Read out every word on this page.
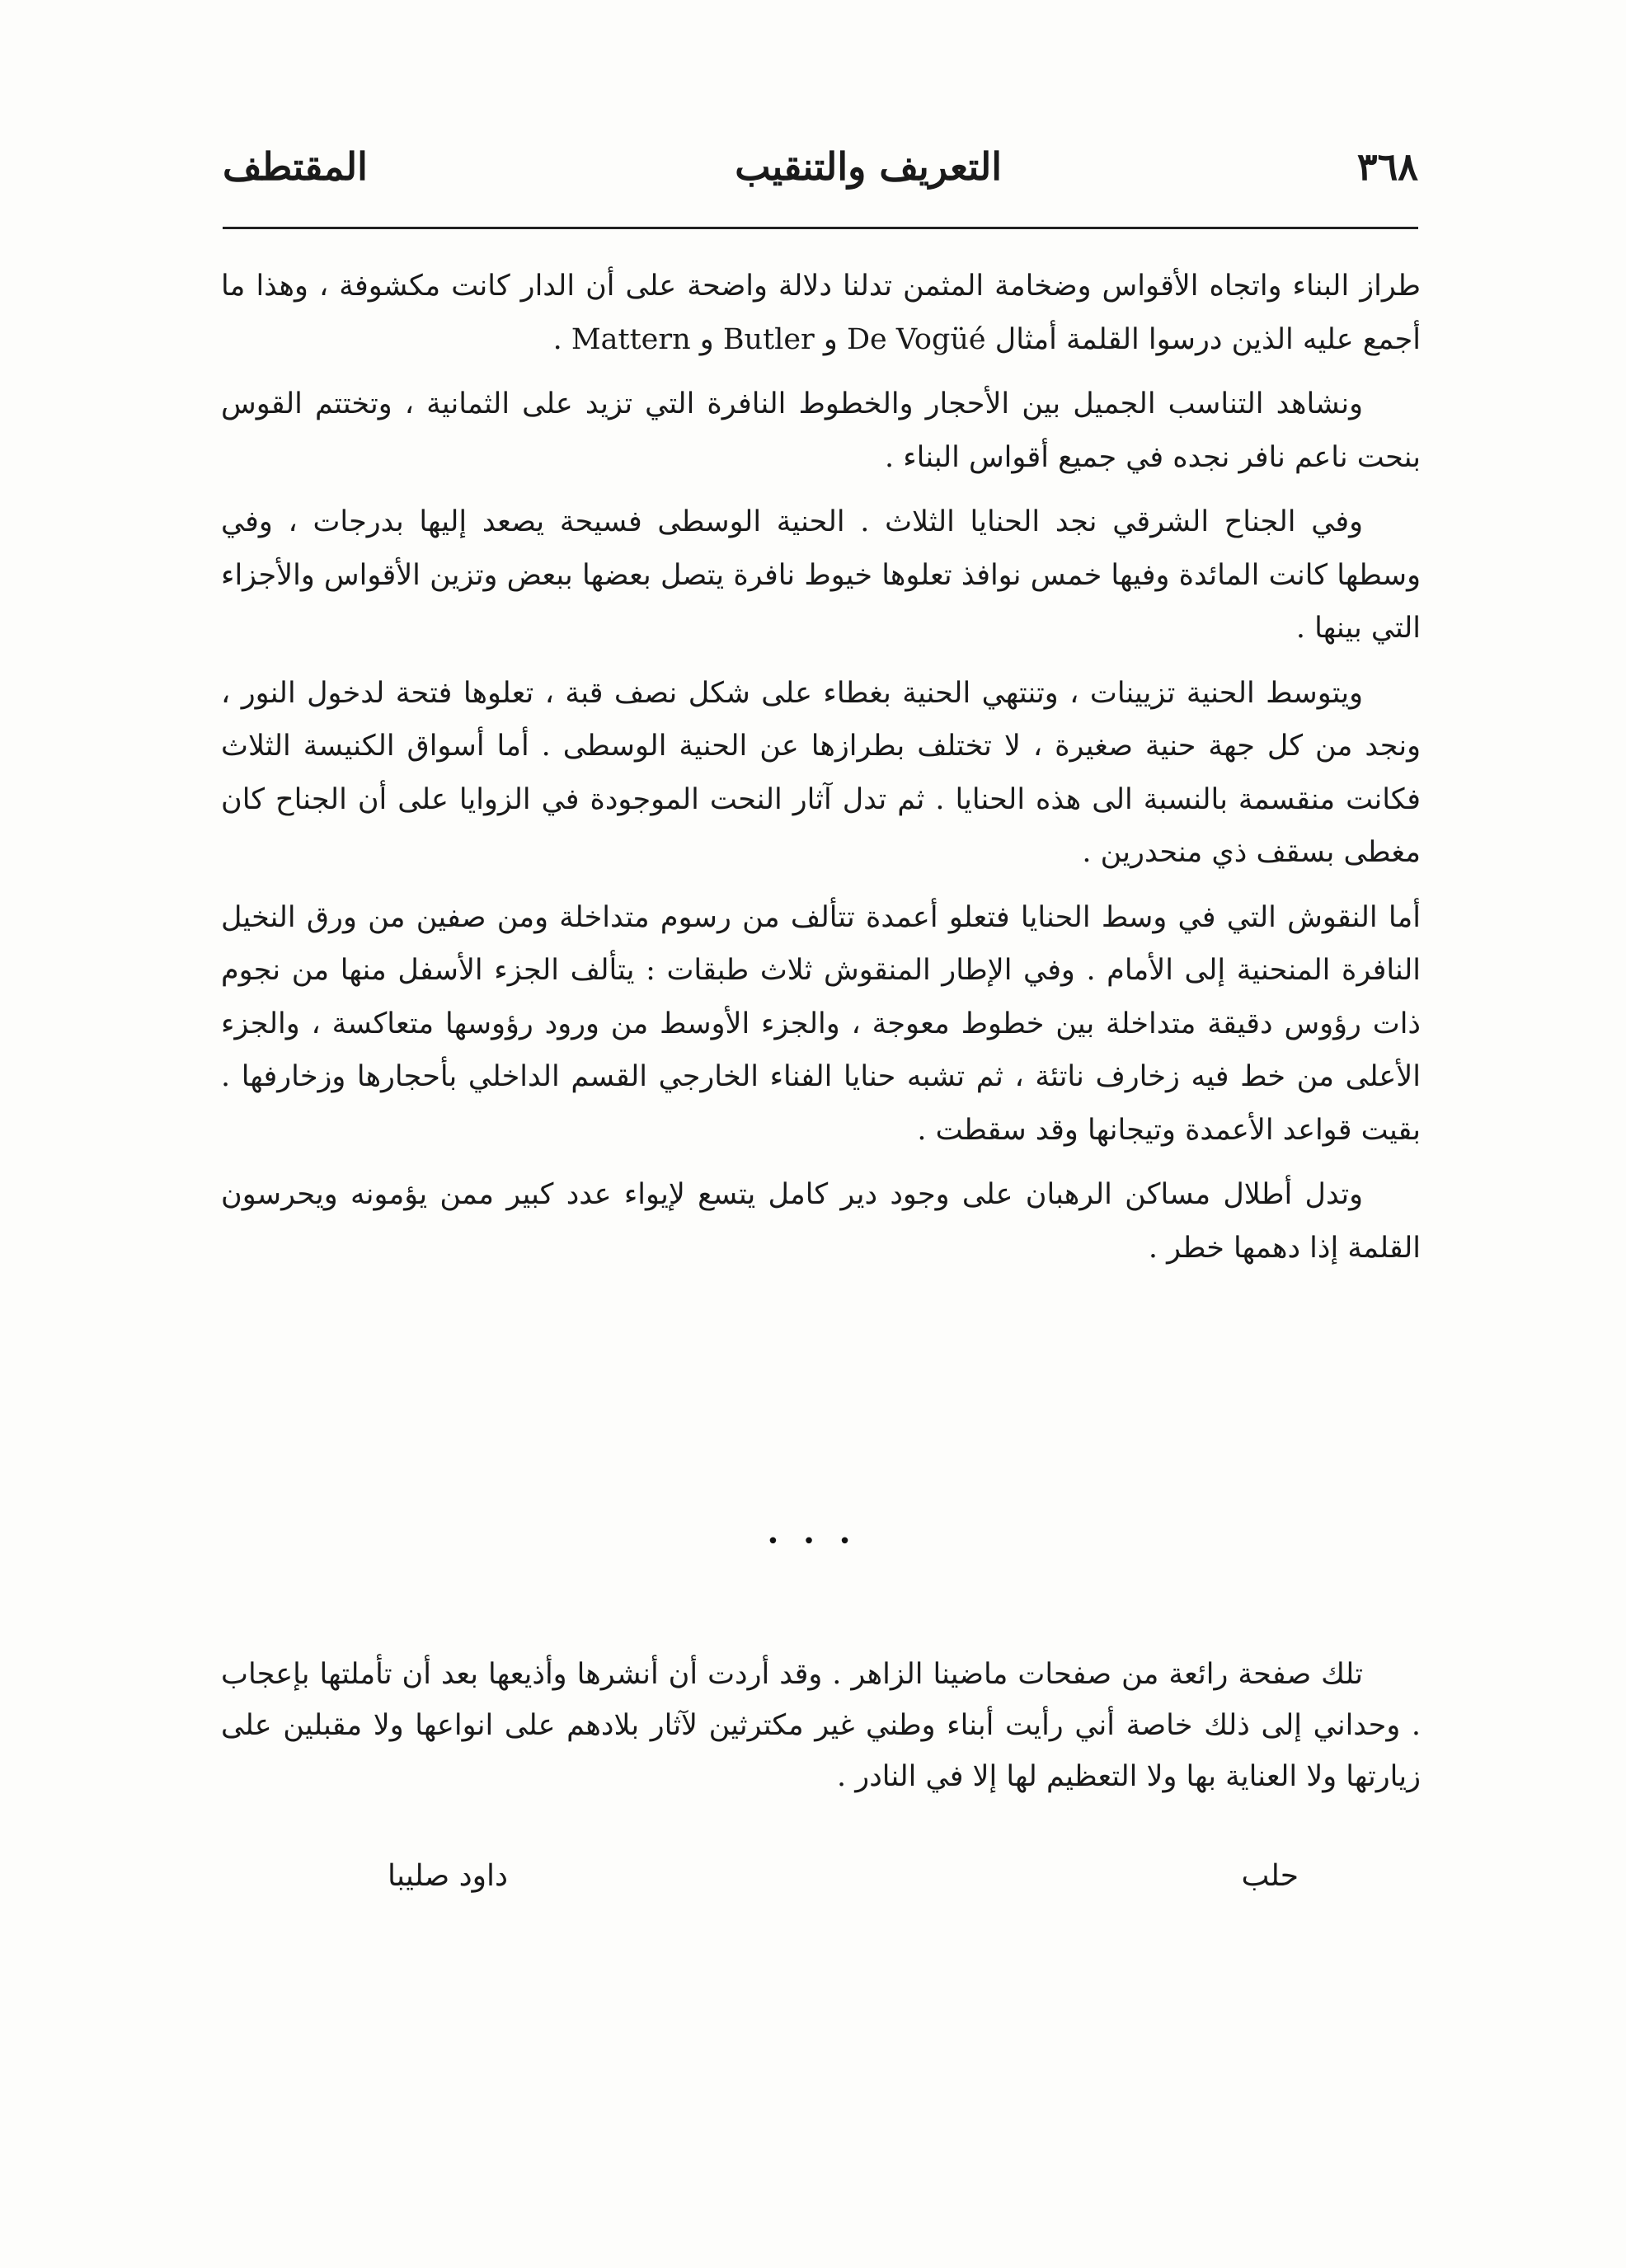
٣٦٨
التعريف والتنقيب
المقتطف

طراز البناء واتجاه الأقواس وضخامة المثمن تدلنا دلالة واضحة على أن الدار كانت مكشوفة ، وهذا ما أجمع عليه الذين درسوا القلمة أمثال De Vogüé و Butler و Mattern .

ونشاهد التناسب الجميل بين الأحجار والخطوط النافرة التي تزيد على الثمانية ، وتختتم القوس بنحت ناعم نافر نجده في جميع أقواس البناء .

وفي الجناح الشرقي نجد الحنايا الثلاث . الحنية الوسطى فسيحة يصعد إليها بدرجات ، وفي وسطها كانت المائدة وفيها خمس نوافذ تعلوها خيوط نافرة يتصل بعضها ببعض وتزين الأقواس والأجزاء التي بينها .

ويتوسط الحنية تزيينات ، وتنتهي الحنية بغطاء على شكل نصف قبة ، تعلوها فتحة لدخول النور ، ونجد من كل جهة حنية صغيرة ، لا تختلف بطرازها عن الحنية الوسطى . أما أسواق الكنيسة الثلاث فكانت منقسمة بالنسبة الى هذه الحنايا . ثم تدل آثار النحت الموجودة في الزوايا على أن الجناح كان مغطى بسقف ذي منحدرين .

أما النقوش التي في وسط الحنايا فتعلو أعمدة تتألف من رسوم متداخلة ومن صفين من ورق النخيل النافرة المنحنية إلى الأمام . وفي الإطار المنقوش ثلاث طبقات : يتألف الجزء الأسفل منها من نجوم ذات رؤوس دقيقة متداخلة بين خطوط معوجة ، والجزء الأوسط من ورود رؤوسها متعاكسة ، والجزء الأعلى من خط فيه زخارف ناتئة ، ثم تشبه حنايا الفناء الخارجي القسم الداخلي بأحجارها وزخارفها . بقيت قواعد الأعمدة وتيجانها وقد سقطت .

وتدل أطلال مساكن الرهبان على وجود دير كامل يتسع لإيواء عدد كبير ممن يؤمونه ويحرسون القلمة إذا دهمها خطر .

• • •

تلك صفحة رائعة من صفحات ماضينا الزاهر . وقد أردت أن أنشرها وأذيعها بعد أن تأملتها بإعجاب . وحداني إلى ذلك خاصة أني رأيت أبناء وطني غير مكترثين لآثار بلادهم على انواعها ولا مقبلين على زيارتها ولا العناية بها ولا التعظيم لها إلا في النادر .

حلب
داود صليبا
